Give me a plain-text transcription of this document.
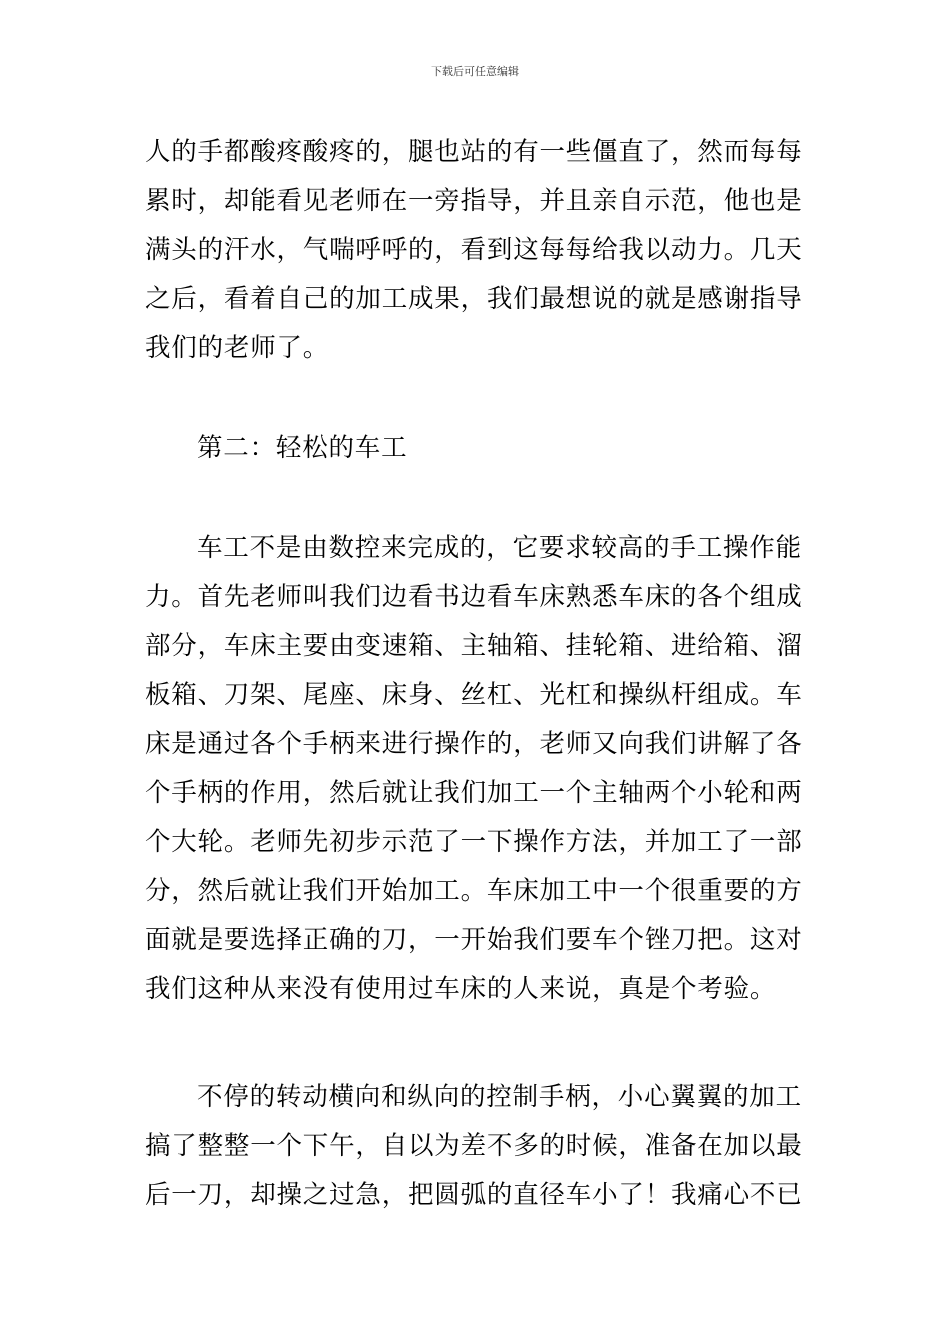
下载后可任意编辑
人的手都酸疼酸疼的，腿也站的有一些僵直了，然而每每
累时，却能看见老师在一旁指导，并且亲自示范，他也是
满头的汗水，气喘呼呼的，看到这每每给我以动力。几天
之后，看着自己的加工成果，我们最想说的就是感谢指导
我们的老师了。
第二：轻松的车工
车工不是由数控来完成的，它要求较高的手工操作能
力。首先老师叫我们边看书边看车床熟悉车床的各个组成
部分，车床主要由变速箱、主轴箱、挂轮箱、进给箱、溜
板箱、刀架、尾座、床身、丝杠、光杠和操纵杆组成。车
床是通过各个手柄来进行操作的，老师又向我们讲解了各
个手柄的作用，然后就让我们加工一个主轴两个小轮和两
个大轮。老师先初步示范了一下操作方法，并加工了一部
分，然后就让我们开始加工。车床加工中一个很重要的方
面就是要选择正确的刀，一开始我们要车个锉刀把。这对
我们这种从来没有使用过车床的人来说，真是个考验。
不停的转动横向和纵向的控制手柄，小心翼翼的加工
搞了整整一个下午，自以为差不多的时候，准备在加以最
后一刀，却操之过急，把圆弧的直径车小了！我痛心不已
